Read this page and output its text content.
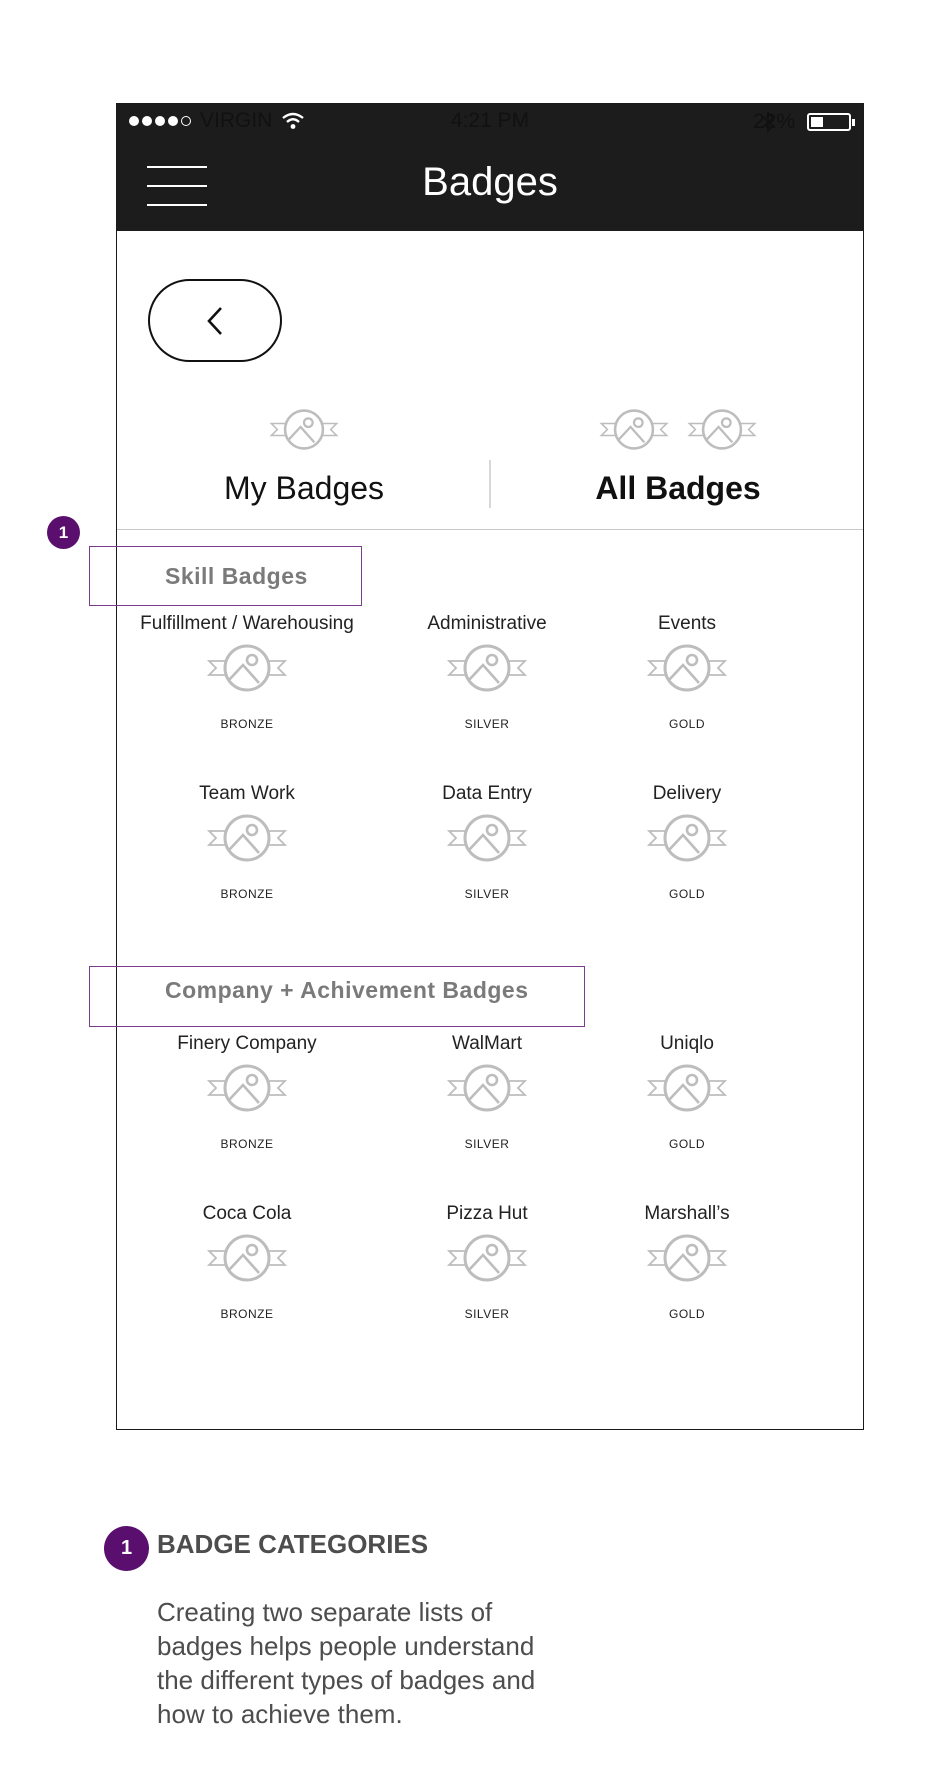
VIRGIN	4:21 PM	22%
Badges
My Badges	All Badges
Skill Badges
Fulfillment / Warehousing
BRONZE
Administrative
SILVER
Events
GOLD
Team Work
BRONZE
Data Entry
SILVER
Delivery
GOLD
Company + Achivement Badges
Finery Company
BRONZE
WalMart
SILVER
Uniqlo
GOLD
Coca Cola
BRONZE
Pizza Hut
SILVER
Marshall’s
GOLD
1
1 BADGE CATEGORIES
Creating two separate lists of badges helps people understand the different types of badges and how to achieve them.
